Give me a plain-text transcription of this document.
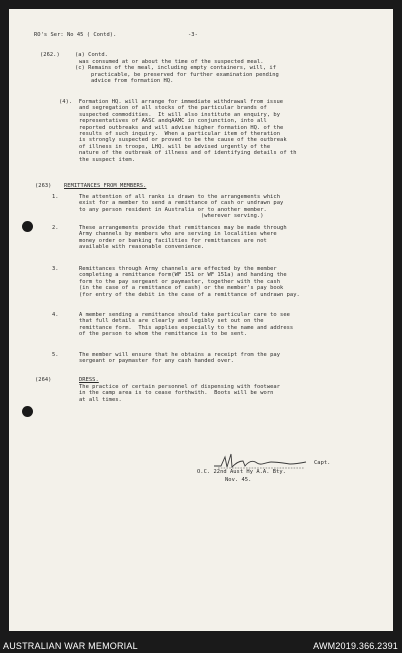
RO's Ser: No 45 ( Contd).	-3-
(262.)	(a) Contd.
was consumed at or about the time of the suspected meal.
(c) Remains of the meal, including empty containers, will, if
practicable, be preserved for further examination pending
advice from formation HQ.
(4).  Formation HQ. will arrange for immediate withdrawal from issue
and segregation of all stocks of the particular brands of
suspected commodities.  It will also institute an enquiry, by
representatives of AASC andqAAMC in conjunction, into all
reported outbreaks and will advise higher formation HQ. of the
results of such inquiry.  When a particular item of theration
is strongly suspected or proved to be the cause of the outbreak
of illness in troops, LHQ. will be advised urgently of the
nature of the outbreak of illness and of identifying details of th
the suspect item.
(263) REMITTANCES FROM MEMBERS.
1.	The attention of all ranks is drawn to the arrangements which
exist for a member to send a remittance of cash or undrawn pay
to any person resident in Australia or to another member.
(wherever serving.)
2.	These arrangements provide that remittances may be made through
Army channels by members who are serving in localities where
money order or banking facilities for remittances are not
available with reasonable convenience.
3.	Remittances through Army channels are effected by the member
completing a remittance form(WF 151 or WF 151a) and handing the
form to the pay sergeant or paymaster, together with the cash
(in the case of a remittance of cash) or the member's pay book
(for entry of the debit in the case of a remittance of undrawn pay.
4.	A member sending a remittance should take particular care to see
that full details are clearly and legibly set out on the
remittance form.  This applies especially to the name and address
of the person to whom the remittance is to be sent.
5.	The member will ensure that he obtains a receipt from the pay
sergeant or paymaster for any cash handed over.
(264)	DRESS.
The practice of certain personnel of dispensing with footwear
in the camp area is to cease forthwith.  Boots will be worn
at all times.
Capt.
O.C. 22nd Aust Hy A.A. Bty.
Nov. 45.
AUSTRALIAN WAR MEMORIAL	AWM2019.366.2391
